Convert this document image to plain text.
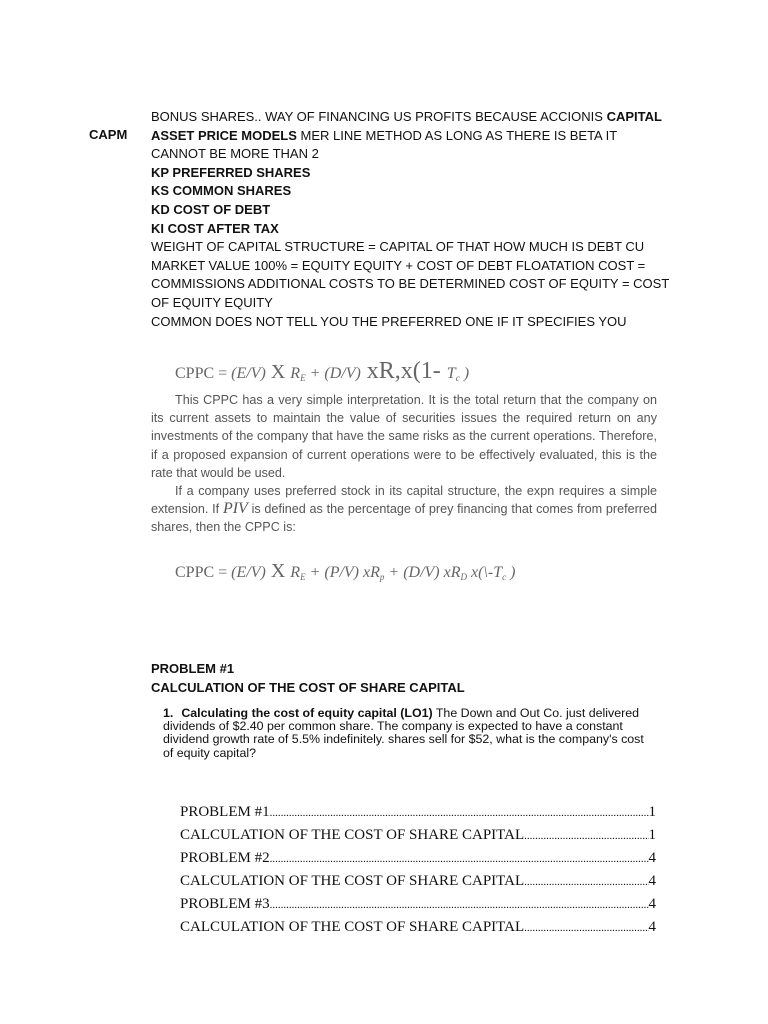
CAPM
BONUS SHARES.. WAY OF FINANCING US PROFITS BECAUSE ACCIONIS CAPITAL
ASSET PRICE MODELS MER LINE METHOD AS LONG AS THERE IS BETA IT
CANNOT BE MORE THAN 2
KP PREFERRED SHARES
KS COMMON SHARES
KD COST OF DEBT
KI COST AFTER TAX
WEIGHT OF CAPITAL STRUCTURE = CAPITAL OF THAT HOW MUCH IS DEBT CU
MARKET VALUE 100% = EQUITY EQUITY + COST OF DEBT FLOATATION COST =
COMMISSIONS ADDITIONAL COSTS TO BE DETERMINED COST OF EQUITY = COST
OF EQUITY EQUITY
COMMON DOES NOT TELL YOU THE PREFERRED ONE IF IT SPECIFIES YOU
CPPC = (E/V) X $R_E + (D/V)$ xR,x(1- $T_c$ )

This CPPC has a very simple interpretation. It is the total return that the company on its current assets to maintain the value of securities issues the required return on any investments of the company that have the same risks as the current operations. Therefore, if a proposed expansion of current operations were to be effectively evaluated, this is the rate that would be used.

If a company uses preferred stock in its capital structure, the expn requires a simple extension. If PIV is defined as the percentage of prey financing that comes from preferred shares, then the CPPC is:

CPPC = (E/V) X $R_E + (P/V) xR_p + (D/V)$ $xR_D$ $x(\backslash-T_c$ )
PROBLEM #1
CALCULATION OF THE COST OF SHARE CAPITAL
1. Calculating the cost of equity capital (LO1) The Down and Out Co. just delivered dividends of $2.40 per common share. The company is expected to have a constant dividend growth rate of 5.5% indefinitely. shares sell for $52, what is the company's cost of equity capital?
PROBLEM #1 .....	1
CALCULATION OF THE COST OF SHARE CAPITAL .....	1
PROBLEM #2 .....	4
CALCULATION OF THE COST OF SHARE CAPITAL .....	4
PROBLEM #3 .....	4
CALCULATION OF THE COST OF SHARE CAPITAL .....	4
